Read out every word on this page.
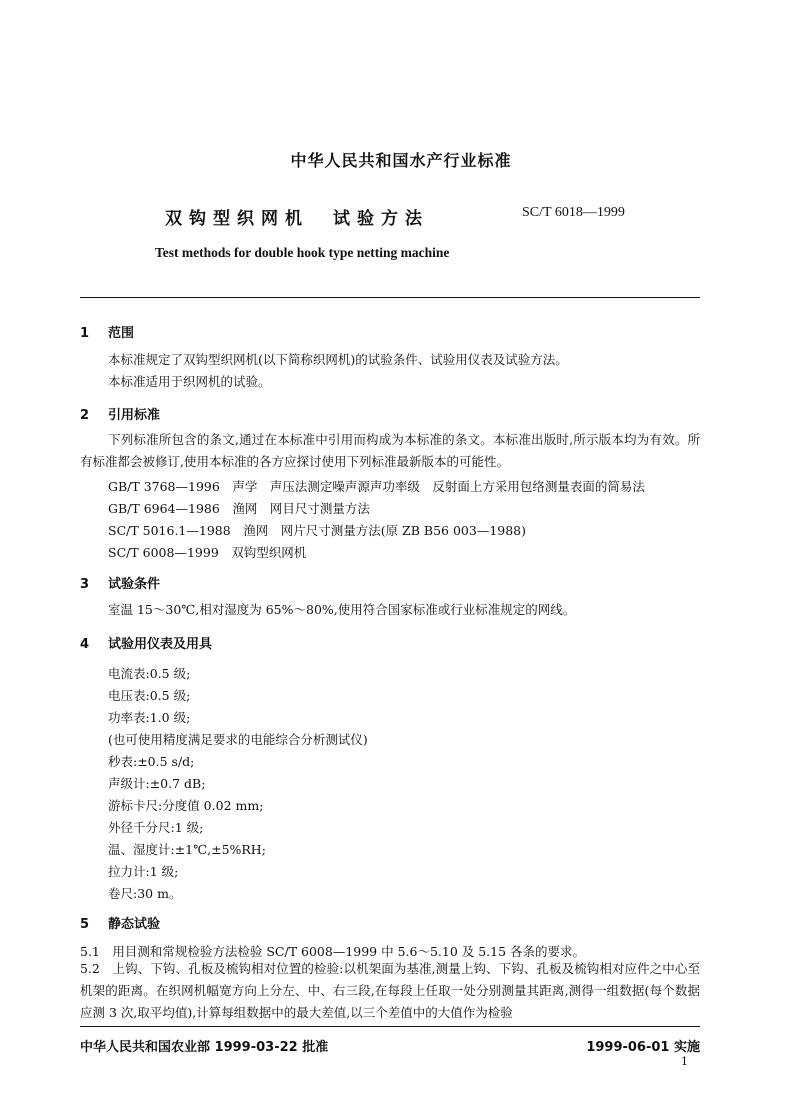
中华人民共和国水产行业标准
双钩型织网机　试验方法	SC/T 6018—1999
Test methods for double hook type netting machine
1 范围
本标准规定了双钩型织网机(以下简称织网机)的试验条件、试验用仪表及试验方法。
本标准适用于织网机的试验。
2 引用标准
下列标准所包含的条文,通过在本标准中引用而构成为本标准的条文。本标准出版时,所示版本均为有效。所有标准都会被修订,使用本标准的各方应探讨使用下列标准最新版本的可能性。
GB/T 3768—1996　声学　声压法测定噪声源声功率级　反射面上方采用包络测量表面的简易法
GB/T 6964—1986　渔网　网目尺寸测量方法
SC/T 5016.1—1988　渔网　网片尺寸测量方法(原 ZB B56 003—1988)
SC/T 6008—1999　双钩型织网机
3 试验条件
室温 15～30℃,相对湿度为 65%～80%,使用符合国家标准或行业标准规定的网线。
4 试验用仪表及用具
电流表:0.5 级;
电压表:0.5 级;
功率表:1.0 级;
(也可使用精度满足要求的电能综合分析测试仪)
秒表:±0.5 s/d;
声级计:±0.7 dB;
游标卡尺:分度值 0.02 mm;
外径千分尺:1 级;
温、湿度计:±1℃,±5%RH;
拉力计:1 级;
卷尺:30 m。
5 静态试验
5.1　用目测和常规检验方法检验 SC/T 6008—1999 中 5.6～5.10 及 5.15 各条的要求。
5.2　上钩、下钩、孔板及梳钩相对位置的检验:以机架面为基准,测量上钩、下钩、孔板及梳钩相对应件之中心至机架的距离。在织网机幅宽方向上分左、中、右三段,在每段上任取一处分别测量其距离,测得一组数据(每个数据应测 3 次,取平均值),计算每组数据中的最大差值,以三个差值中的大值作为检验
中华人民共和国农业部 1999-03-22 批准	1999-06-01 实施
1
